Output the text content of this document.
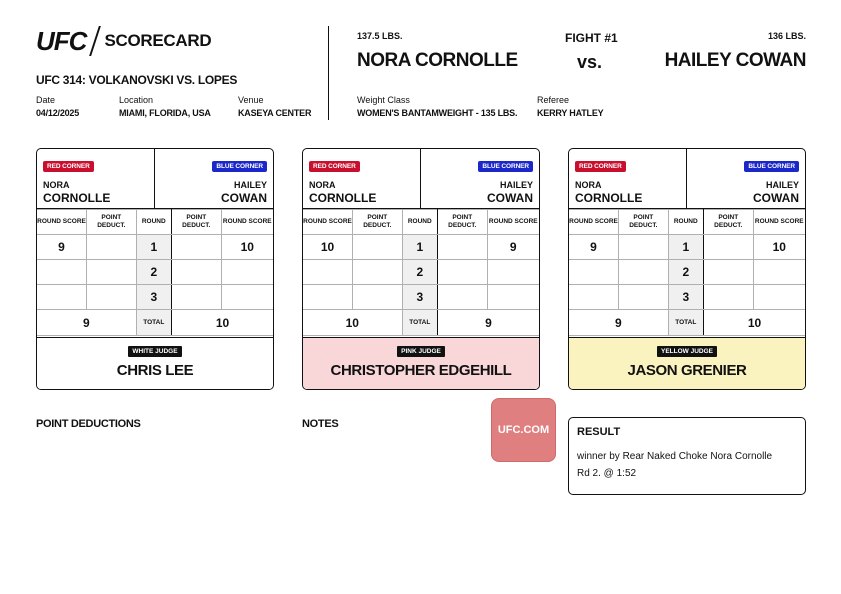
UFC SCORECARD
UFC 314: VOLKANOVSKI VS. LOPES
Date
04/12/2025
Location
MIAMI, FLORIDA, USA
Venue
KASEYA CENTER
137.5 LBS.
NORA CORNOLLE
FIGHT #1
vs.
136 LBS.
HAILEY COWAN
Weight Class
WOMEN'S BANTAMWEIGHT - 135 LBS.
Referee
KERRY HATLEY
RED CORNER
NORA
CORNOLLE
BLUE CORNER
HAILEY
COWAN
ROUND SCORE	POINT DEDUCT.	ROUND	POINT DEDUCT.	ROUND SCORE
9		1		10
		2		
		3		
9		TOTAL	10	
WHITE JUDGE
CHRIS LEE
RED CORNER
NORA
CORNOLLE
BLUE CORNER
HAILEY
COWAN
ROUND SCORE	POINT DEDUCT.	ROUND	POINT DEDUCT.	ROUND SCORE
10		1		9
		2		
		3		
10		TOTAL	9	
PINK JUDGE
CHRISTOPHER EDGEHILL
RED CORNER
NORA
CORNOLLE
BLUE CORNER
HAILEY
COWAN
ROUND SCORE	POINT DEDUCT.	ROUND	POINT DEDUCT.	ROUND SCORE
9		1		10
		2		
		3		
9		TOTAL	10	
YELLOW JUDGE
JASON GRENIER
POINT DEDUCTIONS	NOTES	UFC.COM	RESULT
winner by Rear Naked Choke Nora Cornolle
Rd 2. @ 1:52
